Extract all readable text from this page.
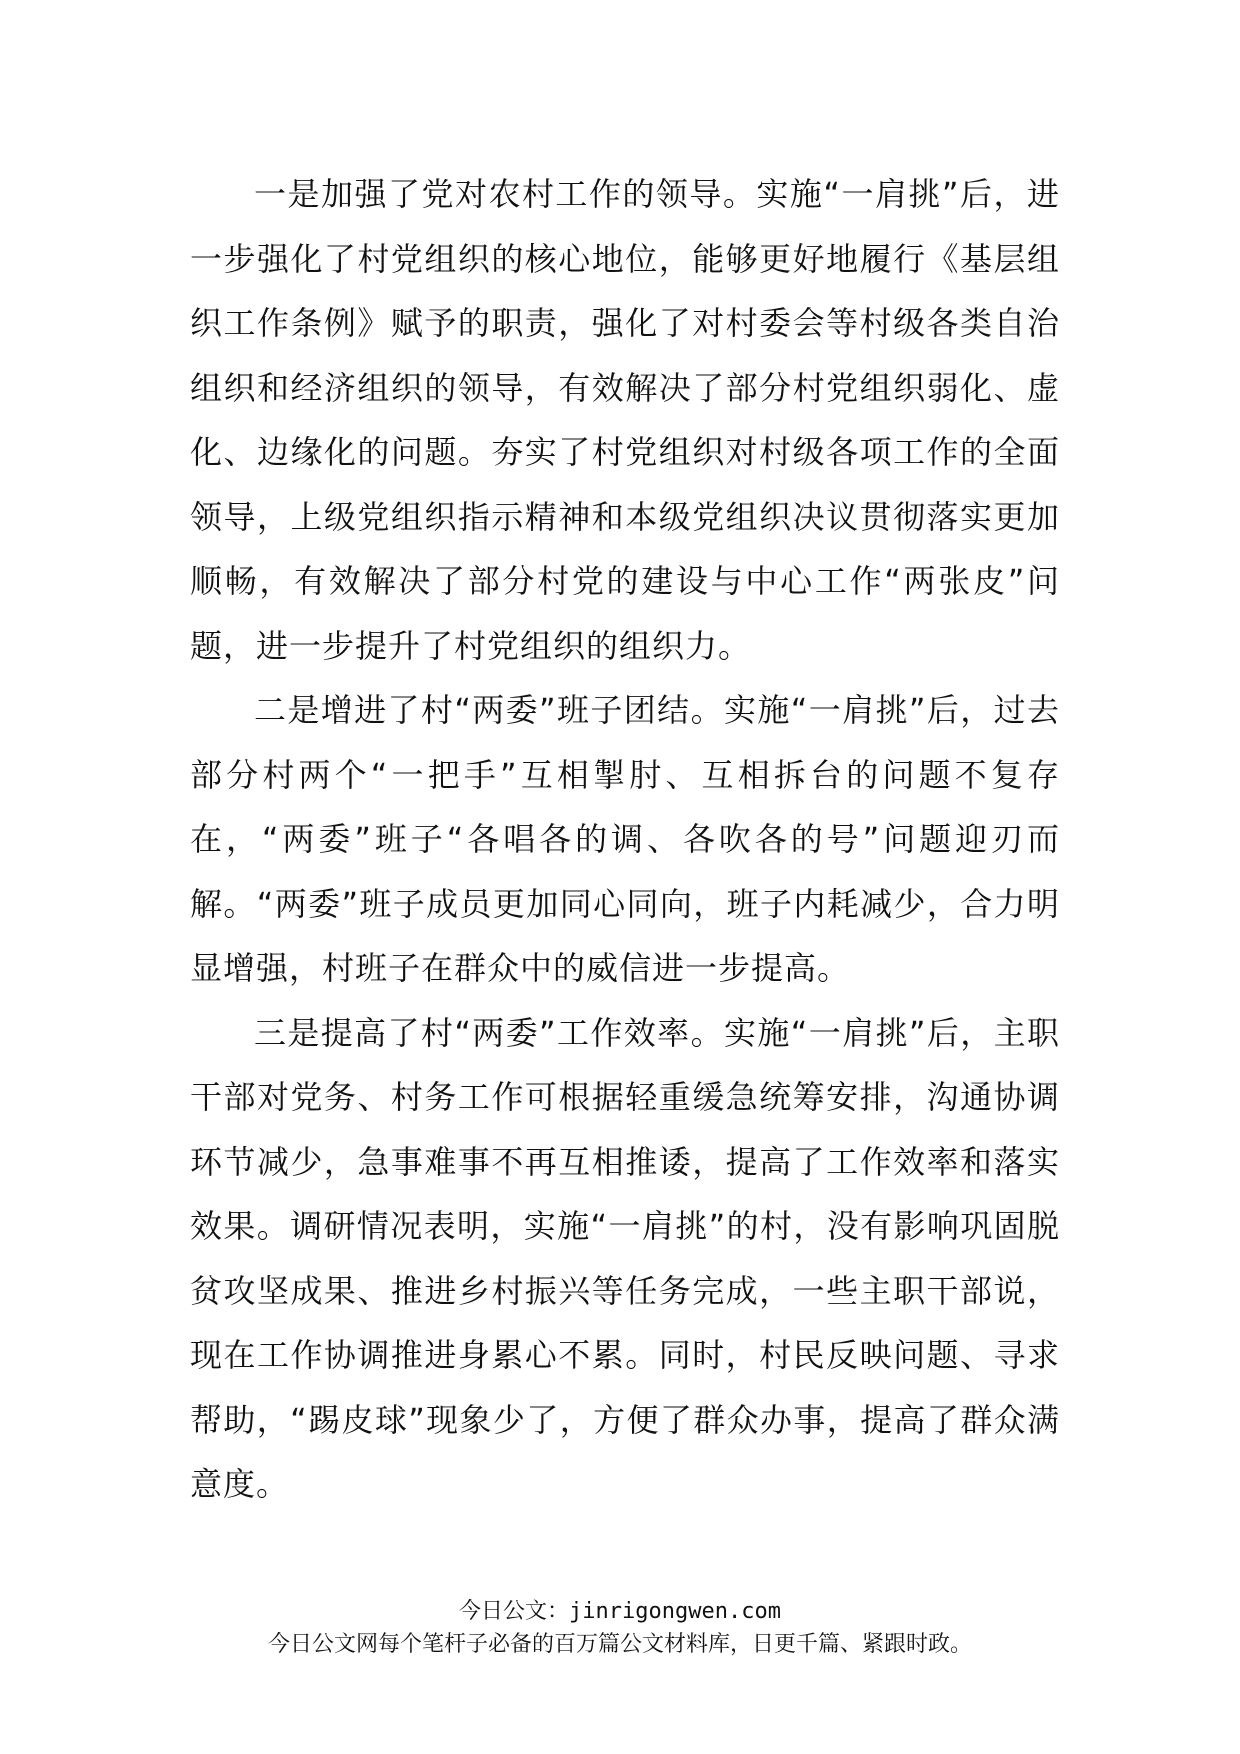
一是加强了党对农村工作的领导。实施“一肩挑”后，进一步强化了村党组织的核心地位，能够更好地履行《基层组织工作条例》赋予的职责，强化了对村委会等村级各类自治组织和经济组织的领导，有效解决了部分村党组织弱化、虚化、边缘化的问题。夯实了村党组织对村级各项工作的全面领导，上级党组织指示精神和本级党组织决议贯彻落实更加顺畅，有效解决了部分村党的建设与中心工作“两张皮”问题，进一步提升了村党组织的组织力。

二是增进了村“两委”班子团结。实施“一肩挑”后，过去部分村两个“一把手”互相掣肘、互相拆台的问题不复存在，“两委”班子“各唱各的调、各吹各的号”问题迎刃而解。“两委”班子成员更加同心同向，班子内耗减少，合力明显增强，村班子在群众中的威信进一步提高。

三是提高了村“两委”工作效率。实施“一肩挑”后，主职干部对党务、村务工作可根据轻重缓急统筹安排，沟通协调环节减少，急事难事不再互相推诿，提高了工作效率和落实效果。调研情况表明，实施“一肩挑”的村，没有影响巩固脱贫攻坚成果、推进乡村振兴等任务完成，一些主职干部说，现在工作协调推进身累心不累。同时，村民反映问题、寻求帮助，“踢皮球”现象少了，方便了群众办事，提高了群众满意度。

今日公文：jinrigongwen.com
今日公文网每个笔杆子必备的百万篇公文材料库，日更千篇、紧跟时政。
